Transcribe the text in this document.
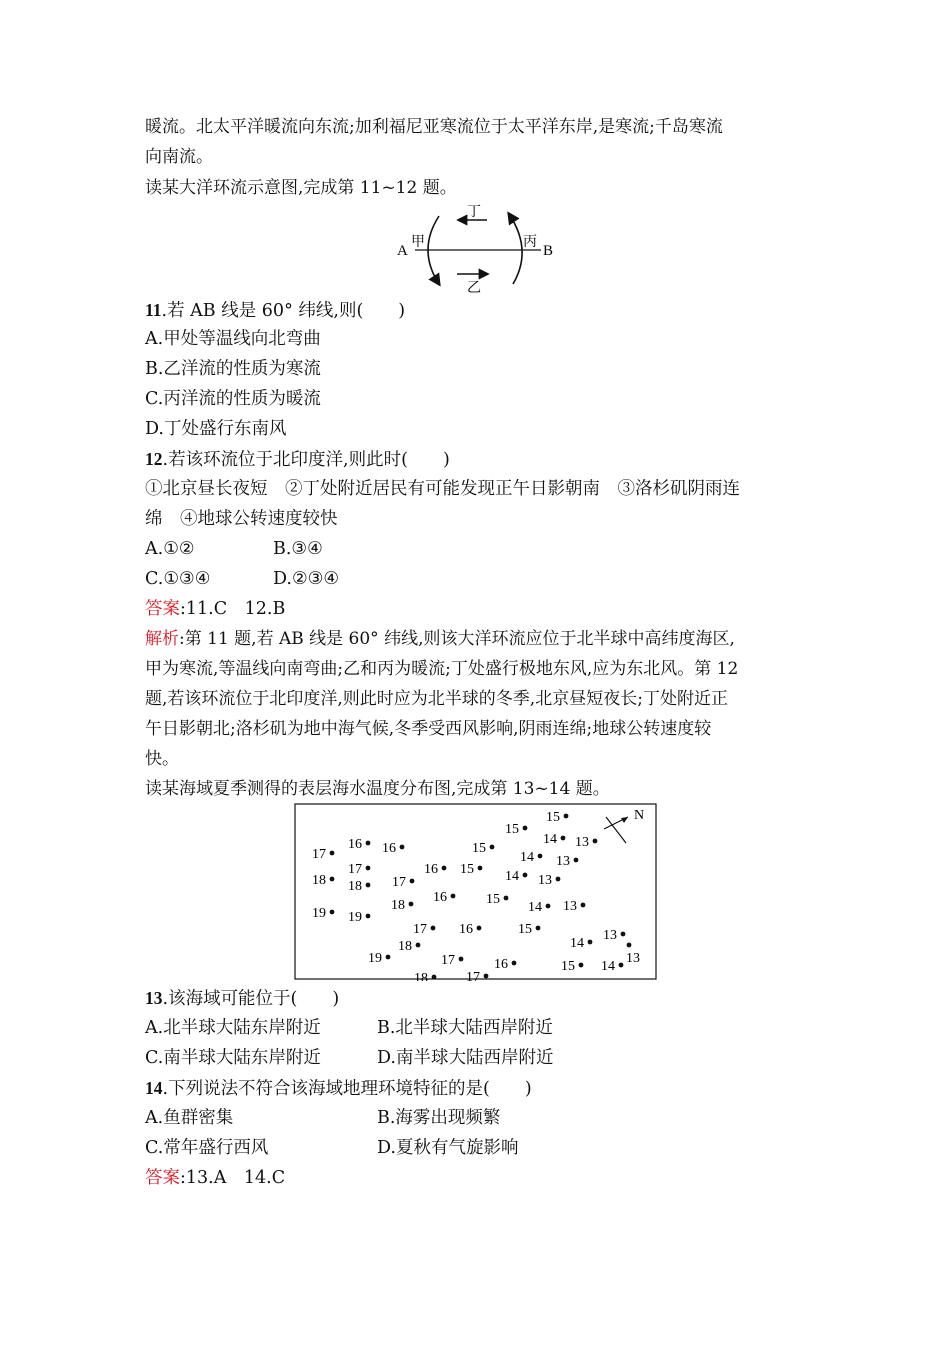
暖流。北太平洋暖流向东流;加利福尼亚寒流位于太平洋东岸,是寒流;千岛寒流
向南流。
读某大洋环流示意图,完成第 11~12 题。
A	B
甲	丙
丁
乙
11.若 AB 线是 60° 纬线,则(　　)
A.甲处等温线向北弯曲
B.乙洋流的性质为寒流
C.丙洋流的性质为暖流
D.丁处盛行东南风
12.若该环流位于北印度洋,则此时(　　)
①北京昼长夜短　②丁处附近居民有可能发现正午日影朝南　③洛杉矶阴雨连
绵　④地球公转速度较快
A.①②	B.③④
C.①③④	D.②③④
答案:11.C　12.B
解析:第 11 题,若 AB 线是 60° 纬线,则该大洋环流应位于北半球中高纬度海区,
甲为寒流,等温线向南弯曲;乙和丙为暖流;丁处盛行极地东风,应为东北风。第 12
题,若该环流位于北印度洋,则此时应为北半球的冬季,北京昼短夜长;丁处附近正
午日影朝北;洛杉矶为地中海气候,冬季受西风影响,阴雨连绵;地球公转速度较
快。
读某海域夏季测得的表层海水温度分布图,完成第 13~14 题。
N
17
16 16	15
15
15
14 13
14 13
17
18
18	17
16 15 14 13
19 19
18
16	15
14 13
17 16	15
14
13
18
19	17	16	15 14
18	17
13
13.该海域可能位于(　　)
A.北半球大陆东岸附近	B.北半球大陆西岸附近
C.南半球大陆东岸附近	D.南半球大陆西岸附近
14.下列说法不符合该海域地理环境特征的是(　　)
A.鱼群密集	B.海雾出现频繁
C.常年盛行西风	D.夏秋有气旋影响
答案:13.A　14.C
